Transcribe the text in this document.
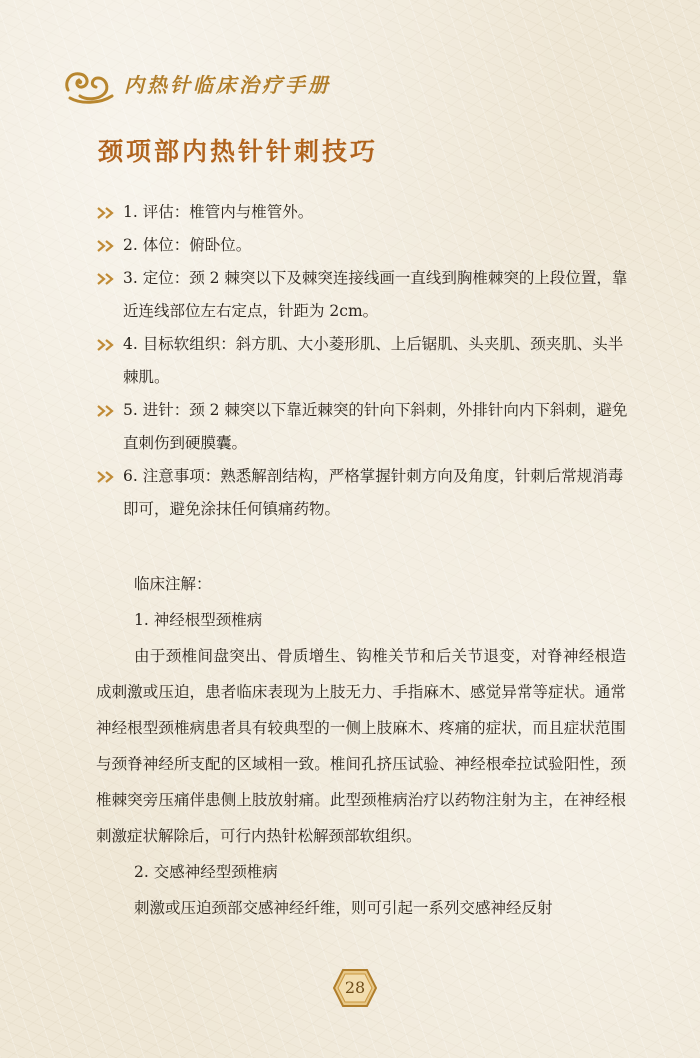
内热针临床治疗手册
颈项部内热针针刺技巧
1. 评估：椎管内与椎管外。
2. 体位：俯卧位。
3. 定位：颈 2 棘突以下及棘突连接线画一直线到胸椎棘突的上段位置，靠近连线部位左右定点，针距为 2cm。
4. 目标软组织：斜方肌、大小菱形肌、上后锯肌、头夹肌、颈夹肌、头半棘肌。
5. 进针：颈 2 棘突以下靠近棘突的针向下斜刺，外排针向内下斜刺，避免直刺伤到硬膜囊。
6. 注意事项：熟悉解剖结构，严格掌握针刺方向及角度，针刺后常规消毒即可，避免涂抹任何镇痛药物。

临床注解：

1. 神经根型颈椎病

由于颈椎间盘突出、骨质增生、钩椎关节和后关节退变，对脊神经根造成刺激或压迫，患者临床表现为上肢无力、手指麻木、感觉异常等症状。通常神经根型颈椎病患者具有较典型的一侧上肢麻木、疼痛的症状，而且症状范围与颈脊神经所支配的区域相一致。椎间孔挤压试验、神经根牵拉试验阳性，颈椎棘突旁压痛伴患侧上肢放射痛。此型颈椎病治疗以药物注射为主，在神经根刺激症状解除后，可行内热针松解颈部软组织。

2. 交感神经型颈椎病

刺激或压迫颈部交感神经纤维，则可引起一系列交感神经反射

28
